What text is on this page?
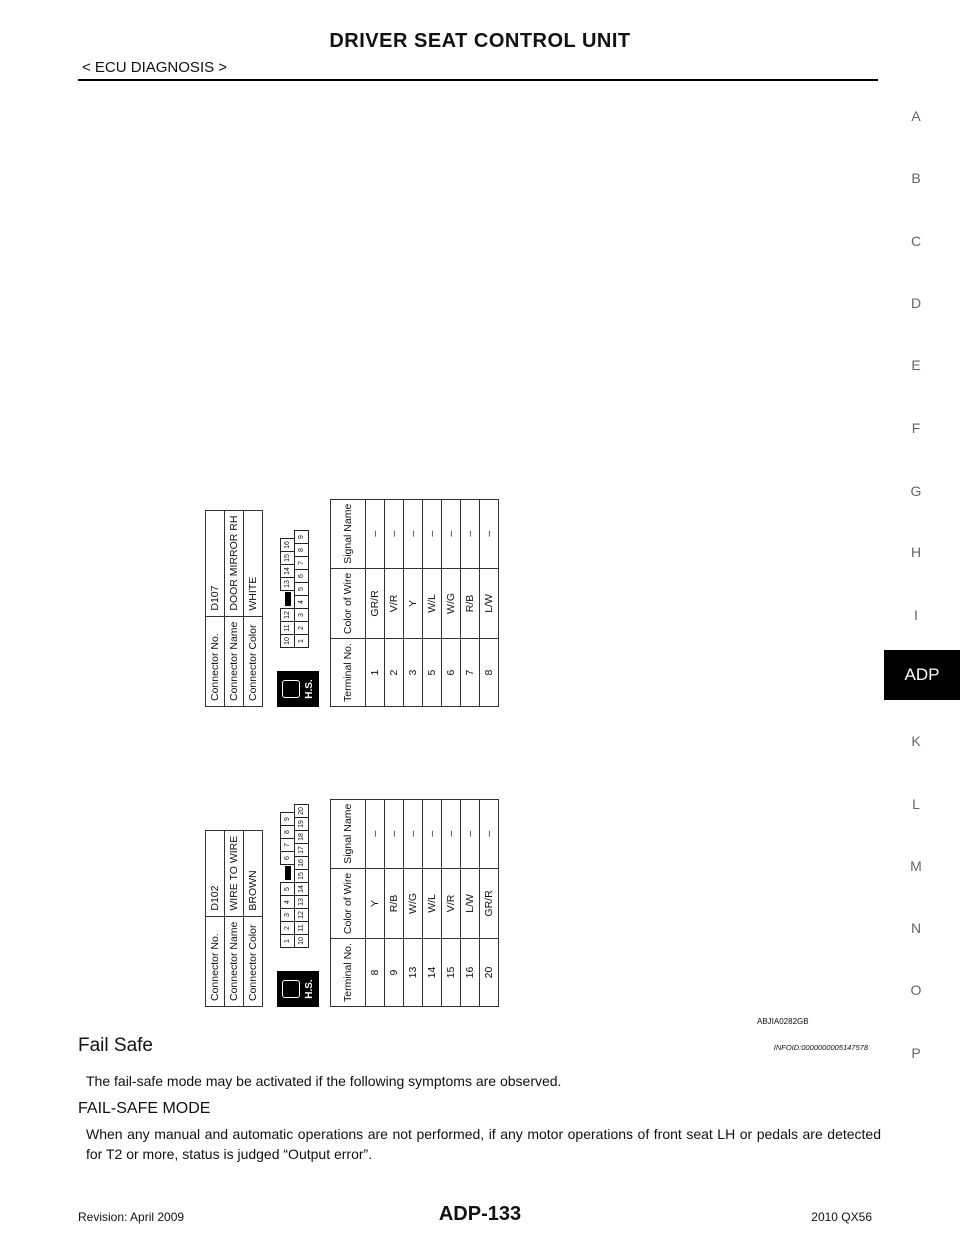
DRIVER SEAT CONTROL UNIT
< ECU DIAGNOSIS >
A
B
C
D
E
F
G
H
I
K
L
M
N
O
P
ADP
Connector No.	D102
Connector Name	WIRE TO WIRE
Connector Color	BROWN
H.S.
1
2
3
4
5
6
7
8
9
10
11
12
13
14
15
16
17
18
19
20
Terminal No.	Color of Wire	Signal Name
8	Y	–
9	R/B	–
13	W/G	–
14	W/L	–
15	V/R	–
16	L/W	–
20	GR/R	–
Connector No.	D107
Connector Name	DOOR MIRROR RH
Connector Color	WHITE
H.S.
10
11
12
13
14
15
16
1
2
3
4
5
6
7
8
9
Terminal No.	Color of Wire	Signal Name
1	GR/R	–
2	V/R	–
3	Y	–
5	W/L	–
6	W/G	–
7	R/B	–
8	L/W	–
ABJIA0282GB
Fail Safe	INFOID:0000000005147578
The fail-safe mode may be activated if the following symptoms are observed.
FAIL-SAFE MODE
When any manual and automatic operations are not performed, if any motor operations of front seat LH or pedals are detected for T2 or more, status is judged “Output error”.
Revision: April 2009	ADP-133	2010 QX56
